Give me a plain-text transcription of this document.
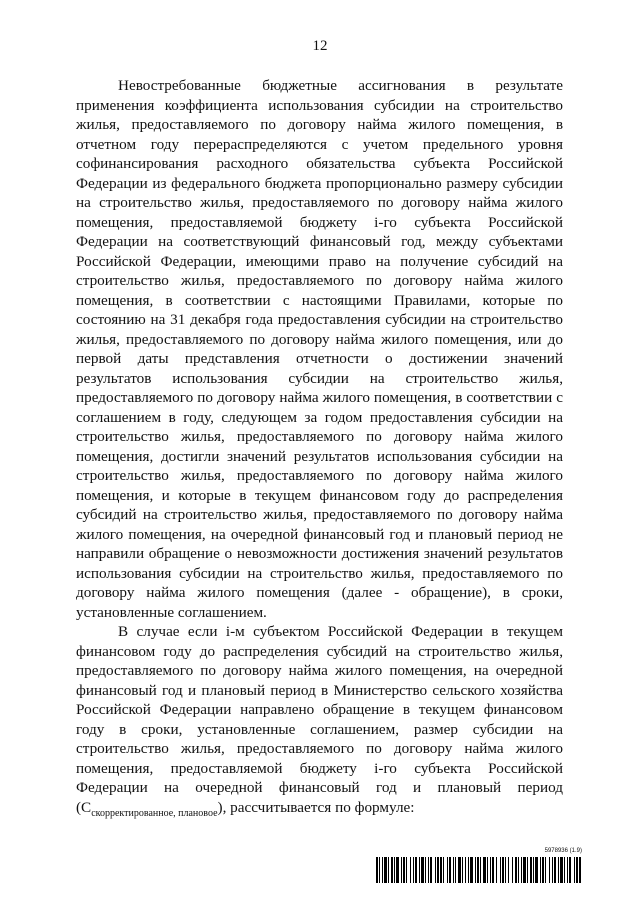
12

Невостребованные бюджетные ассигнования в результате применения коэффициента использования субсидии на строительство жилья, предоставляемого по договору найма жилого помещения, в отчетном году перераспределяются с учетом предельного уровня софинансирования расходного обязательства субъекта Российской Федерации из федерального бюджета пропорционально размеру субсидии на строительство жилья, предоставляемого по договору найма жилого помещения, предоставляемой бюджету i-го субъекта Российской Федерации на соответствующий финансовый год, между субъектами Российской Федерации, имеющими право на получение субсидий на строительство жилья, предоставляемого по договору найма жилого помещения, в соответствии с настоящими Правилами, которые по состоянию на 31 декабря года предоставления субсидии на строительство жилья, предоставляемого по договору найма жилого помещения, или до первой даты представления отчетности о достижении значений результатов использования субсидии на строительство жилья, предоставляемого по договору найма жилого помещения, в соответствии с соглашением в году, следующем за годом предоставления субсидии на строительство жилья, предоставляемого по договору найма жилого помещения, достигли значений результатов использования субсидии на строительство жилья, предоставляемого по договору найма жилого помещения, и которые в текущем финансовом году до распределения субсидий на строительство жилья, предоставляемого по договору найма жилого помещения, на очередной финансовый год и плановый период не направили обращение о невозможности достижения значений результатов использования субсидии на строительство жилья, предоставляемого по договору найма жилого помещения (далее - обращение), в сроки, установленные соглашением.

В случае если i-м субъектом Российской Федерации в текущем финансовом году до распределения субсидий на строительство жилья, предоставляемого по договору найма жилого помещения, на очередной финансовый год и плановый период в Министерство сельского хозяйства Российской Федерации направлено обращение в текущем финансовом году в сроки, установленные соглашением, размер субсидии на строительство жилья, предоставляемого по договору найма жилого помещения, предоставляемой бюджету i-го субъекта Российской Федерации на очередной финансовый год и плановый период $(С_{скорректированное, плановое})$, рассчитывается по формуле:

5978936 (1.9)
